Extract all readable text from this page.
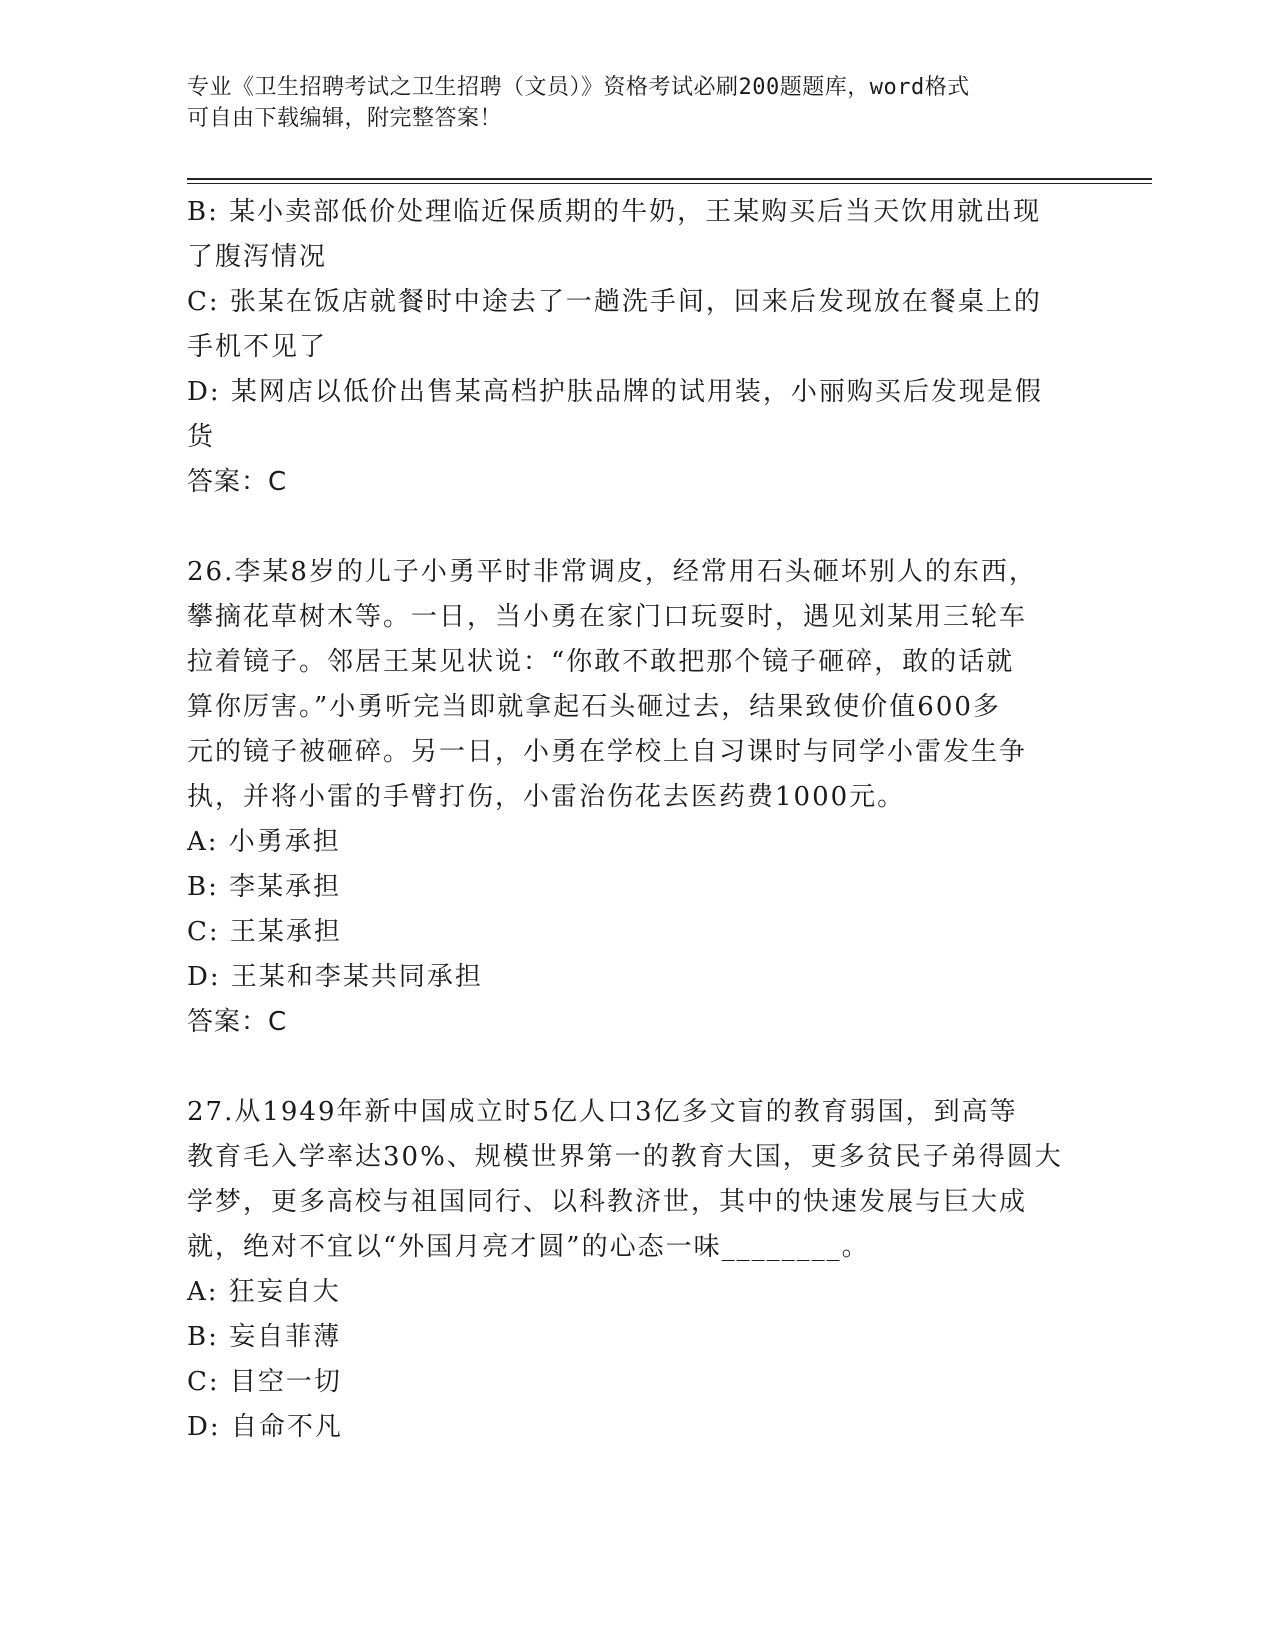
专业《卫生招聘考试之卫生招聘（文员）》资格考试必刷200题题库，word格式
可自由下载编辑，附完整答案！
B: 某小卖部低价处理临近保质期的牛奶，王某购买后当天饮用就出现
了腹泻情况
C: 张某在饭店就餐时中途去了一趟洗手间，回来后发现放在餐桌上的
手机不见了
D: 某网店以低价出售某高档护肤品牌的试用装，小丽购买后发现是假
货
答案：C
26.李某8岁的儿子小勇平时非常调皮，经常用石头砸坏别人的东西，
攀摘花草树木等。一日，当小勇在家门口玩耍时，遇见刘某用三轮车
拉着镜子。邻居王某见状说：“你敢不敢把那个镜子砸碎，敢的话就
算你厉害。”小勇听完当即就拿起石头砸过去，结果致使价值600多
元的镜子被砸碎。另一日，小勇在学校上自习课时与同学小雷发生争
执，并将小雷的手臂打伤，小雷治伤花去医药费1000元。
A: 小勇承担
B: 李某承担
C: 王某承担
D: 王某和李某共同承担
答案：C
27.从1949年新中国成立时5亿人口3亿多文盲的教育弱国，到高等
教育毛入学率达30%、规模世界第一的教育大国，更多贫民子弟得圆大
学梦，更多高校与祖国同行、以科教济世，其中的快速发展与巨大成
就，绝对不宜以“外国月亮才圆”的心态一味________。
A: 狂妄自大
B: 妄自菲薄
C: 目空一切
D: 自命不凡
